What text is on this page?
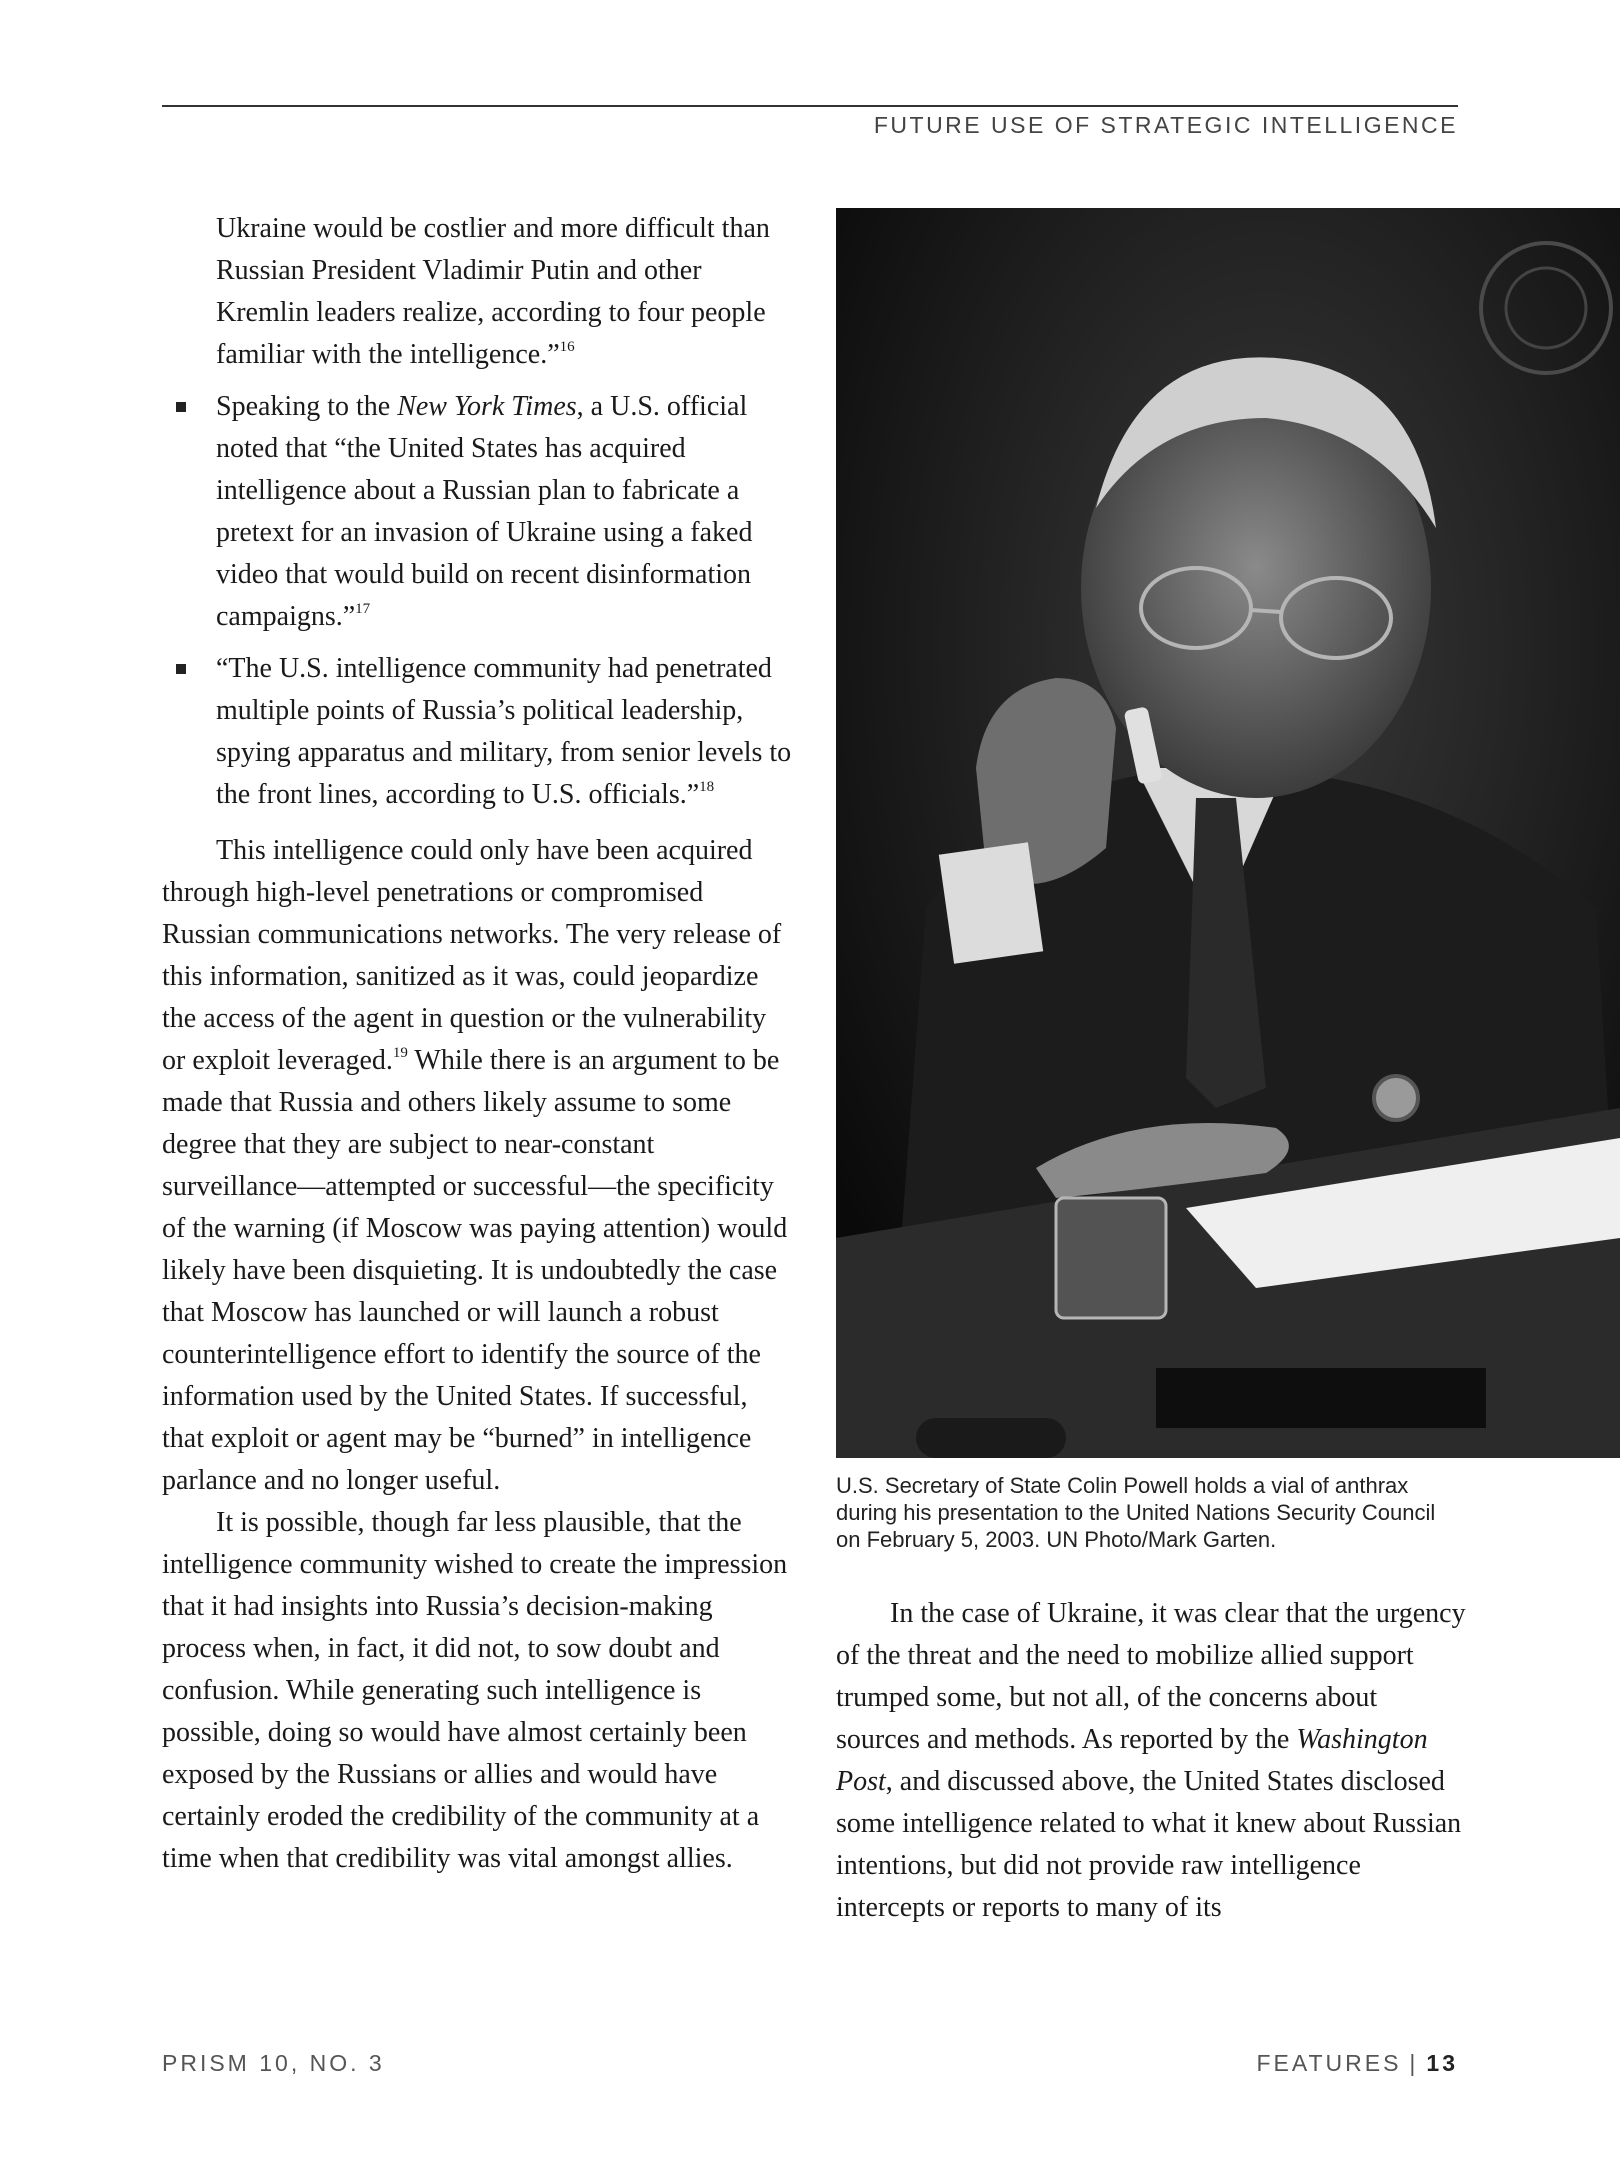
FUTURE USE OF STRATEGIC INTELLIGENCE

Ukraine would be costlier and more difficult than Russian President Vladimir Putin and other Kremlin leaders realize, according to four people familiar with the intelligence.”$^{16}$

Speaking to the New York Times, a U.S. official noted that “the United States has acquired intelligence about a Russian plan to fabricate a pretext for an invasion of Ukraine using a faked video that would build on recent disinformation campaigns.”$^{17}$
“The U.S. intelligence community had penetrated multiple points of Russia’s political leadership, spying apparatus and military, from senior levels to the front lines, according to U.S. officials.”$^{18}$

This intelligence could only have been acquired through high-level penetrations or compromised Russian communications networks. The very release of this information, sanitized as it was, could jeopardize the access of the agent in question or the vulnerability or exploit leveraged.$^{19}$ While there is an argument to be made that Russia and others likely assume to some degree that they are subject to near-constant surveillance—attempted or successful—the specificity of the warning (if Moscow was paying attention) would likely have been disquieting. It is undoubtedly the case that Moscow has launched or will launch a robust counterintelligence effort to identify the source of the information used by the United States. If successful, that exploit or agent may be “burned” in intelligence parlance and no longer useful.

It is possible, though far less plausible, that the intelligence community wished to create the impression that it had insights into Russia’s decision-making process when, in fact, it did not, to sow doubt and confusion. While generating such intelligence is possible, doing so would have almost certainly been exposed by the Russians or allies and would have certainly eroded the credibility of the community at a time when that credibility was vital amongst allies.

U.S. Secretary of State Colin Powell holds a vial of anthrax during his presentation to the United Nations Security Council on February 5, 2003. UN Photo/Mark Garten.

In the case of Ukraine, it was clear that the urgency of the threat and the need to mobilize allied support trumped some, but not all, of the concerns about sources and methods. As reported by the Washington Post, and discussed above, the United States disclosed some intelligence related to what it knew about Russian intentions, but did not provide raw intelligence intercepts or reports to many of its

PRISM 10, NO. 3	FEATURES | 13
